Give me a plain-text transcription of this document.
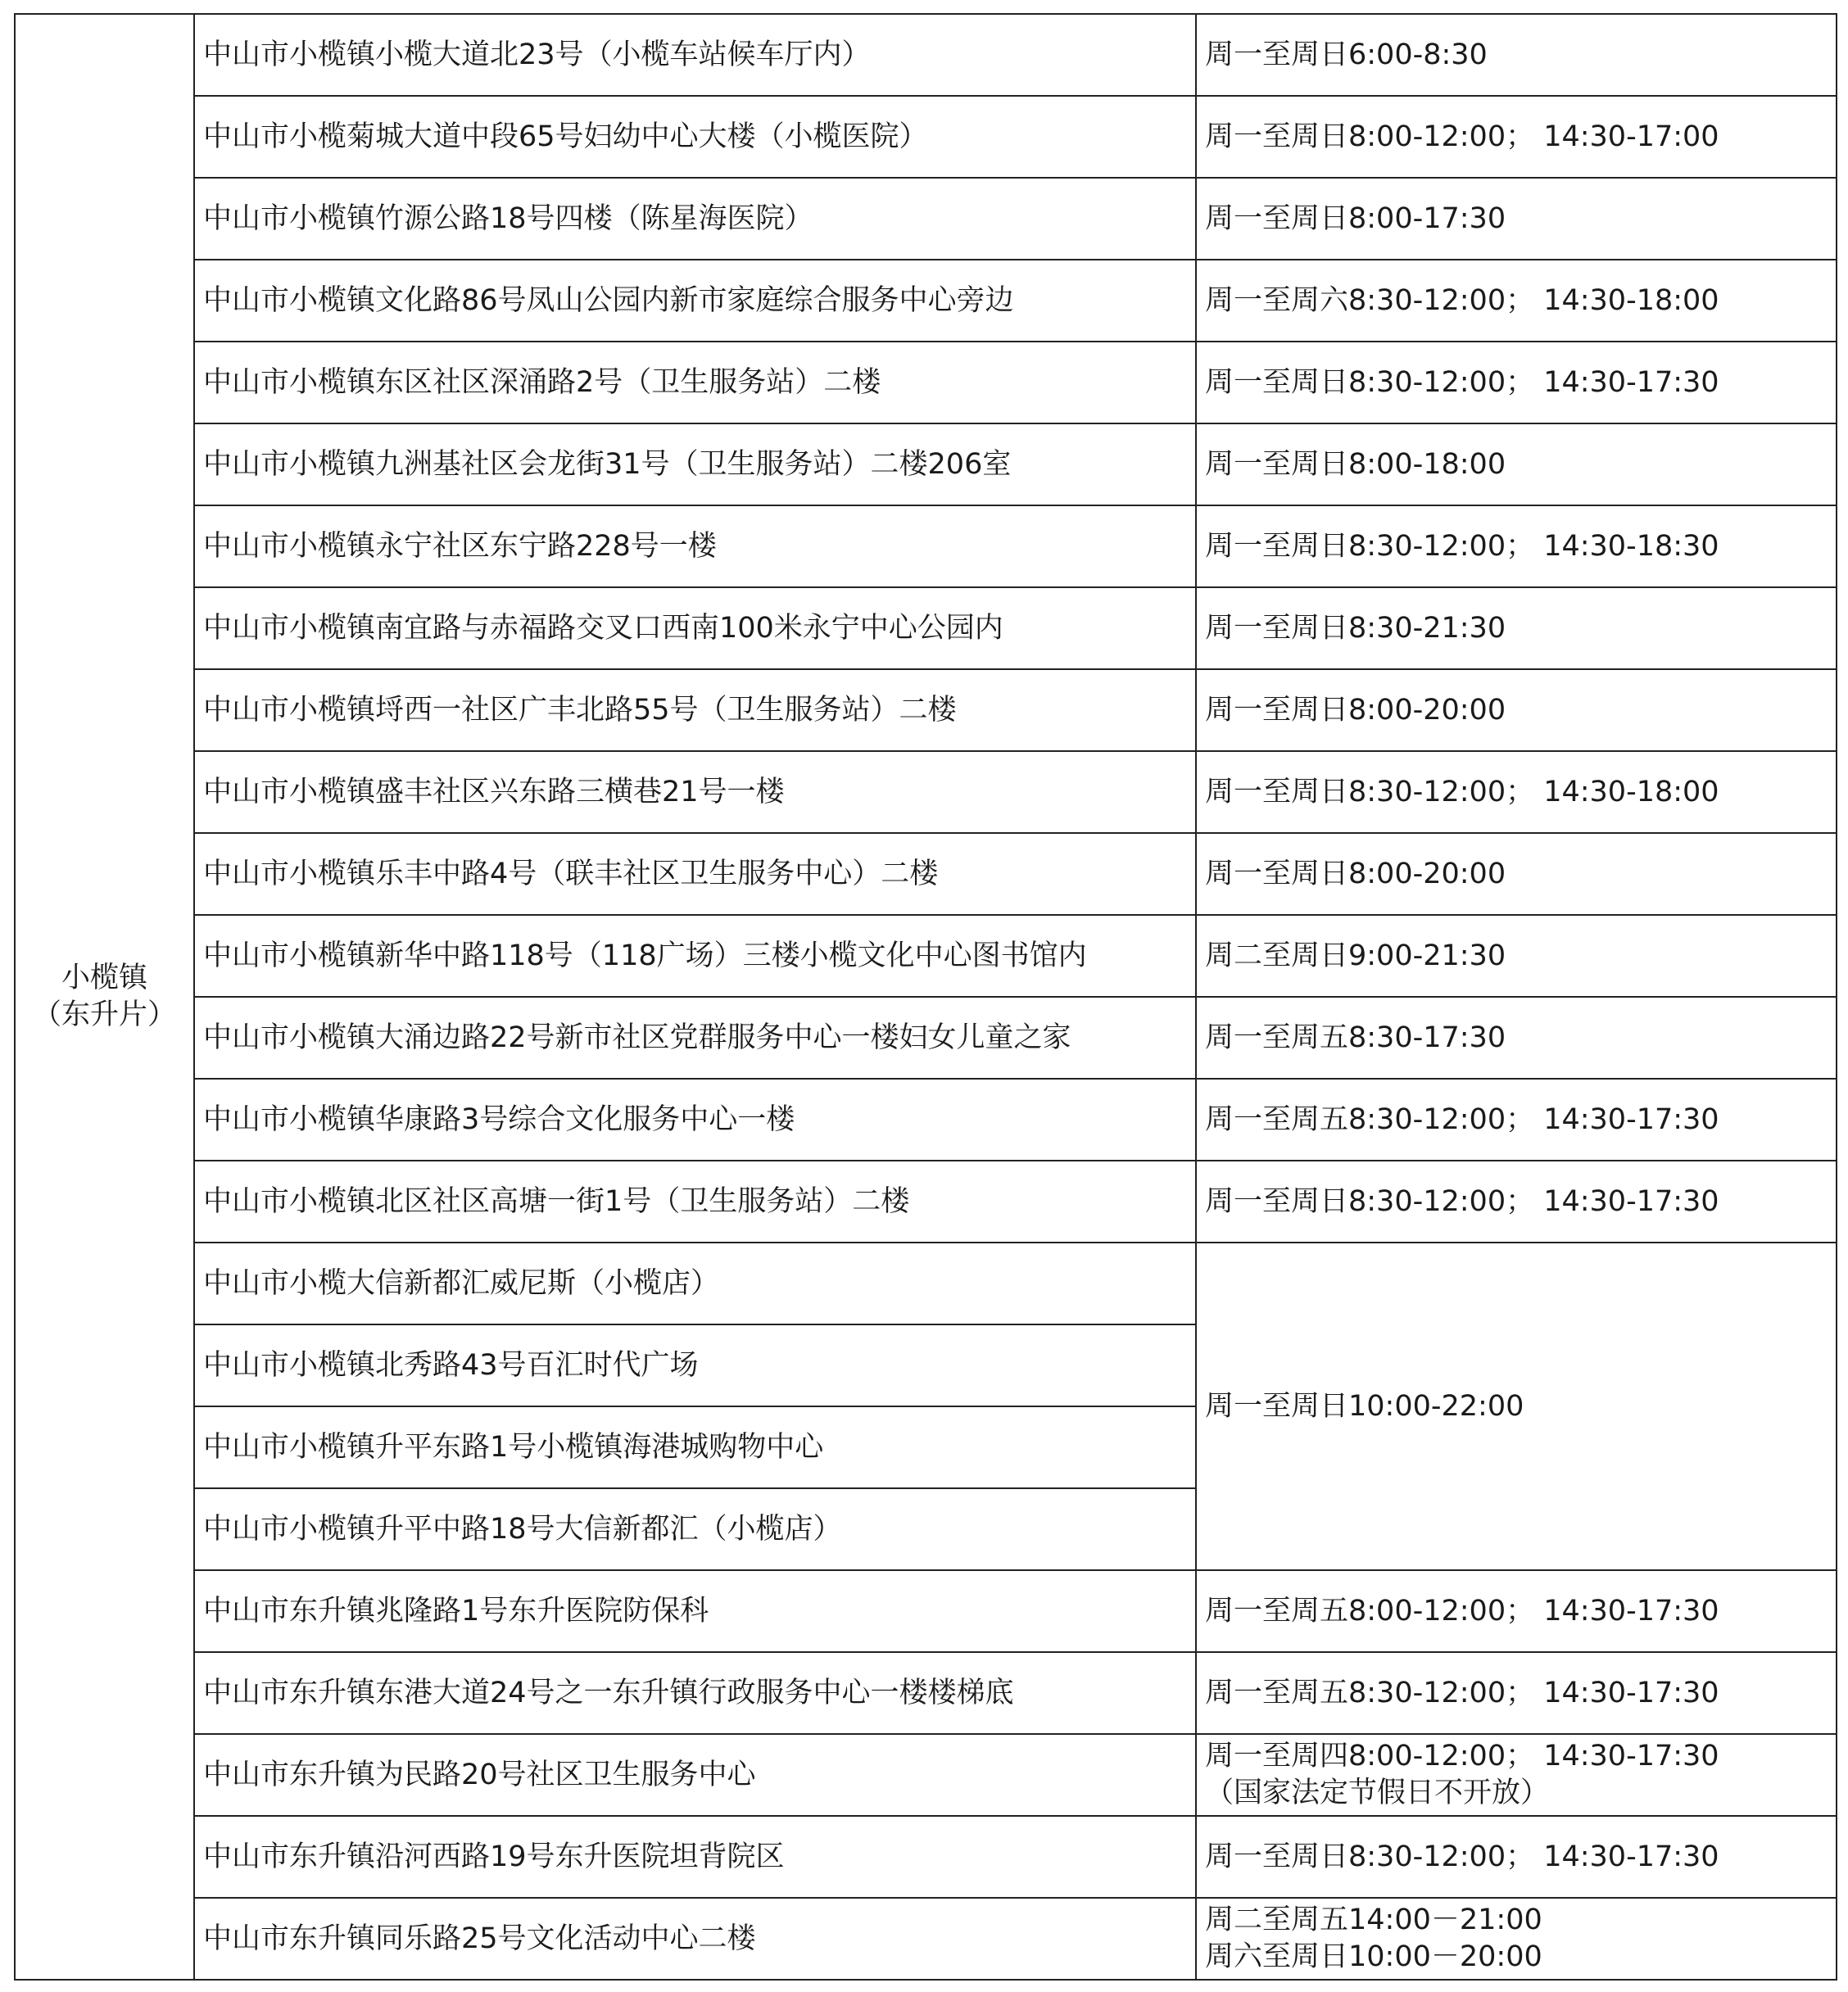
小榄镇
（东升片）	中山市小榄镇小榄大道北23号（小榄车站候车厅内）	周一至周日6:00-8:30
	中山市小榄菊城大道中段65号妇幼中心大楼（小榄医院）	周一至周日8:00-12:00； 14:30-17:00
	中山市小榄镇竹源公路18号四楼（陈星海医院）	周一至周日8:00-17:30
	中山市小榄镇文化路86号凤山公园内新市家庭综合服务中心旁边	周一至周六8:30-12:00； 14:30-18:00
	中山市小榄镇东区社区深涌路2号（卫生服务站）二楼	周一至周日8:30-12:00； 14:30-17:30
	中山市小榄镇九洲基社区会龙街31号（卫生服务站）二楼206室	周一至周日8:00-18:00
	中山市小榄镇永宁社区东宁路228号一楼	周一至周日8:30-12:00； 14:30-18:30
	中山市小榄镇南宜路与赤福路交叉口西南100米永宁中心公园内	周一至周日8:30-21:30
	中山市小榄镇埒西一社区广丰北路55号（卫生服务站）二楼	周一至周日8:00-20:00
	中山市小榄镇盛丰社区兴东路三横巷21号一楼	周一至周日8:30-12:00； 14:30-18:00
	中山市小榄镇乐丰中路4号（联丰社区卫生服务中心）二楼	周一至周日8:00-20:00
	中山市小榄镇新华中路118号（118广场）三楼小榄文化中心图书馆内	周二至周日9:00-21:30
	中山市小榄镇大涌边路22号新市社区党群服务中心一楼妇女儿童之家	周一至周五8:30-17:30
	中山市小榄镇华康路3号综合文化服务中心一楼	周一至周五8:30-12:00； 14:30-17:30
	中山市小榄镇北区社区高塘一街1号（卫生服务站）二楼	周一至周日8:30-12:00； 14:30-17:30
	中山市小榄大信新都汇威尼斯（小榄店）	周一至周日10:00-22:00
	中山市小榄镇北秀路43号百汇时代广场	
	中山市小榄镇升平东路1号小榄镇海港城购物中心	
	中山市小榄镇升平中路18号大信新都汇（小榄店）	
	中山市东升镇兆隆路1号东升医院防保科	周一至周五8:00-12:00； 14:30-17:30

	中山市东升镇东港大道24号之一东升镇行政服务中心一楼楼梯底	周一至周五8:30-12:00； 14:30-17:30

	中山市东升镇为民路20号社区卫生服务中心	周一至周四8:00-12:00； 14:30-17:30
（国家法定节假日不开放）

	中山市东升镇沿河西路19号东升医院坦背院区	周一至周日8:30-12:00； 14:30-17:30

	中山市东升镇同乐路25号文化活动中心二楼	周二至周五14:00－21:00
周六至周日10:00－20:00
